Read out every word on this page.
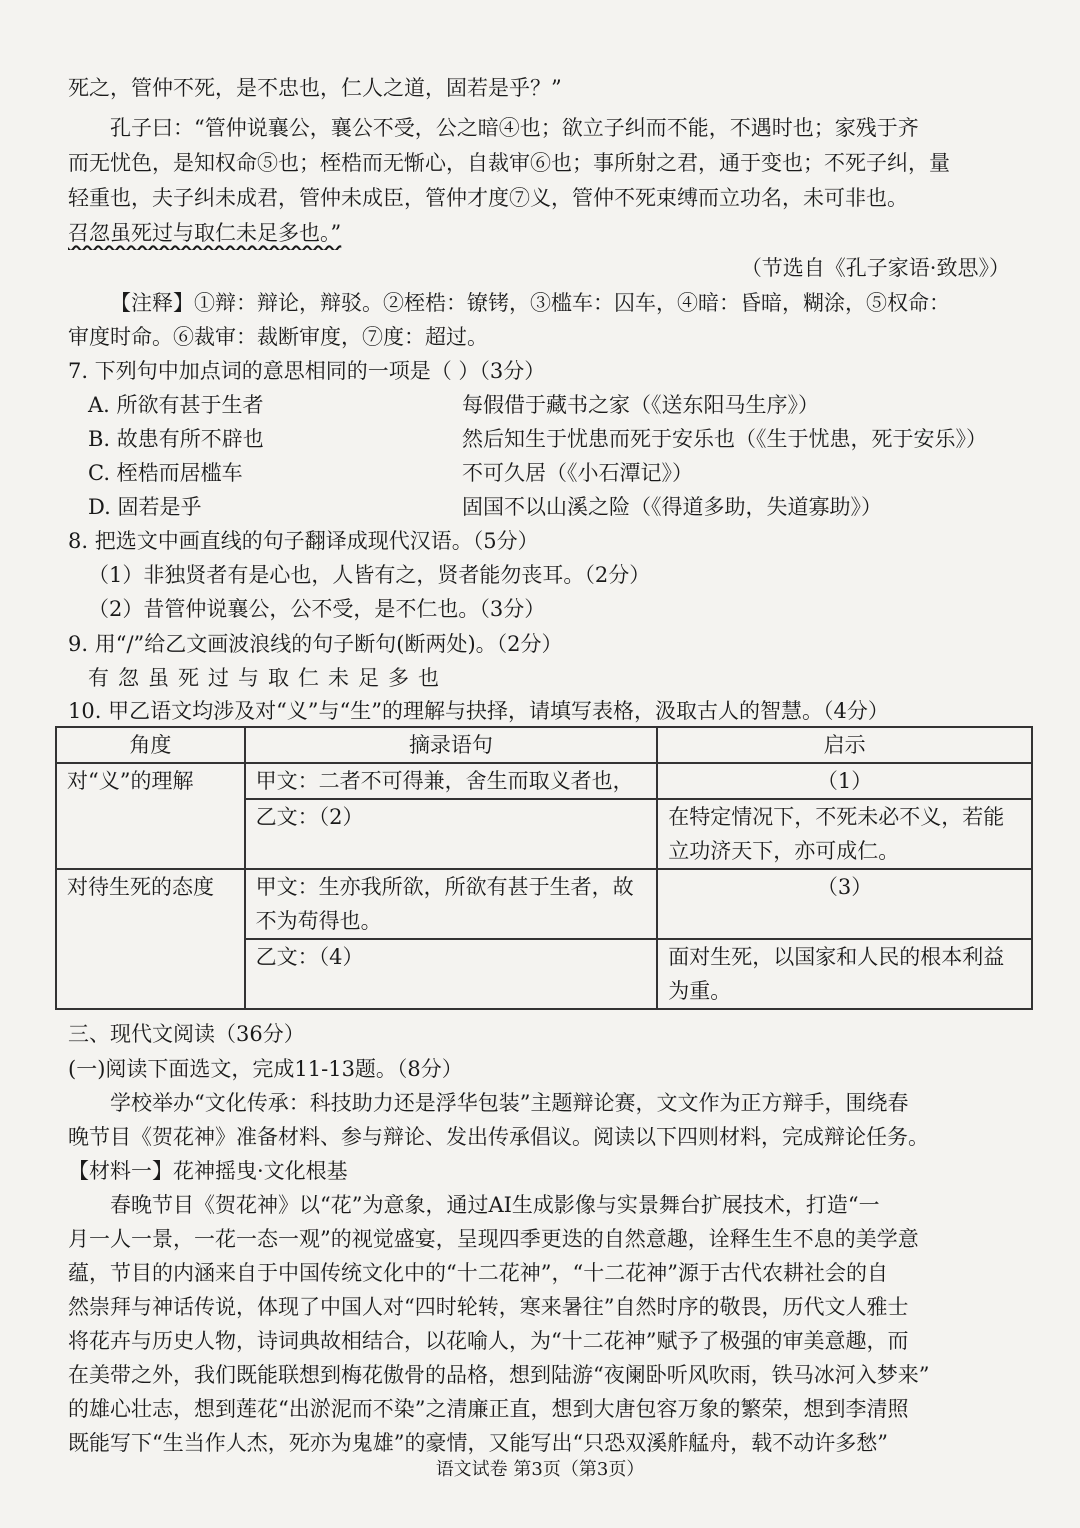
死之，管仲不死，是不忠也，仁人之道，固若是乎？”
孔子曰：“管仲说襄公，襄公不受，公之暗④也；欲立子纠而不能，不遇时也；家残于齐
而无忧色，是知权命⑤也；桎梏而无惭心，自裁审⑥也；事所射之君，通于变也；不死子纠，量
轻重也，夫子纠未成君，管仲未成臣，管仲才度⑦义，管仲不死束缚而立功名，未可非也。
召忽虽死过与取仁未足多也。”
（节选自《孔子家语·致思》）
【注释】①辩：辩论，辩驳。②桎梏：镣铐，③槛车：囚车，④暗：昏暗，糊涂，⑤权命：
审度时命。⑥裁审：裁断审度，⑦度：超过。
7. 下列句中加点词的意思相同的一项是（ ）（3分）
A. 所欲有甚于生者	每假借于藏书之家（《送东阳马生序》）
B. 故患有所不辟也	然后知生于忧患而死于安乐也（《生于忧患，死于安乐》）
C. 桎梏而居槛车	不可久居（《小石潭记》）
D. 固若是乎	固国不以山溪之险（《得道多助，失道寡助》）
8. 把选文中画直线的句子翻译成现代汉语。（5分）
（1）非独贤者有是心也，人皆有之，贤者能勿丧耳。（2分）
（2）昔管仲说襄公，公不受，是不仁也。（3分）
9. 用“/”给乙文画波浪线的句子断句(断两处)。（2分）
有忽虽死过与取仁未足多也
10. 甲乙语文均涉及对“义”与“生”的理解与抉择，请填写表格，汲取古人的智慧。（4分）
角度	摘录语句	启示
对“义”的理解	甲文：二者不可得兼，舍生而取义者也，	（1）
	乙文：（2）	在特定情况下，不死未必不义，若能立功济天下，亦可成仁。
对待生死的态度	甲文：生亦我所欲，所欲有甚于生者，故不为苟得也。	（3）
	乙文：（4）	面对生死，以国家和人民的根本利益为重。
三、现代文阅读（36分）
(一)阅读下面选文，完成11-13题。（8分）
学校举办“文化传承：科技助力还是浮华包装”主题辩论赛，文文作为正方辩手，围绕春
晚节目《贺花神》准备材料、参与辩论、发出传承倡议。阅读以下四则材料，完成辩论任务。
【材料一】花神摇曳·文化根基
春晚节目《贺花神》以“花”为意象，通过AI生成影像与实景舞台扩展技术，打造“一
月一人一景，一花一态一观”的视觉盛宴，呈现四季更迭的自然意趣，诠释生生不息的美学意
蕴，节目的内涵来自于中国传统文化中的“十二花神”，“十二花神”源于古代农耕社会的自
然崇拜与神话传说，体现了中国人对“四时轮转，寒来暑往”自然时序的敬畏，历代文人雅士
将花卉与历史人物，诗词典故相结合，以花喻人，为“十二花神”赋予了极强的审美意趣，而
在美带之外，我们既能联想到梅花傲骨的品格，想到陆游“夜阑卧听风吹雨，铁马冰河入梦来”
的雄心壮志，想到莲花“出淤泥而不染”之清廉正直，想到大唐包容万象的繁荣，想到李清照
既能写下“生当作人杰，死亦为鬼雄”的豪情，又能写出“只恐双溪舴艋舟，载不动许多愁”
语文试卷 第3页（第3页）
